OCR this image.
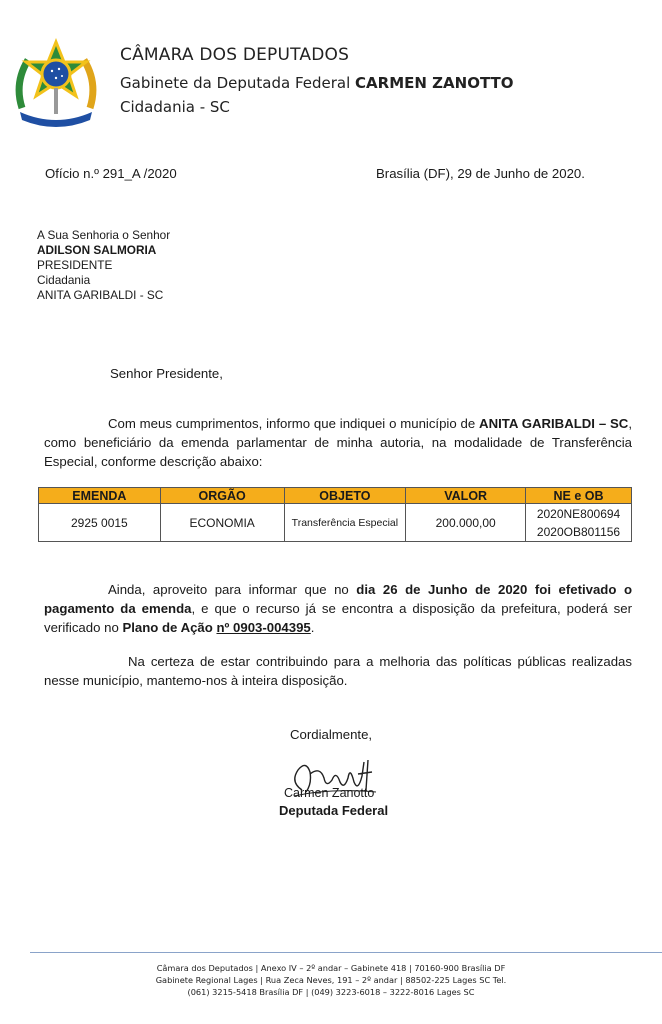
CÂMARA DOS DEPUTADOS
Gabinete da Deputada Federal CARMEN ZANOTTO
Cidadania - SC
Ofício n.º 291_A /2020	Brasília (DF), 29 de Junho de 2020.
A Sua Senhoria o Senhor
ADILSON SALMORIA
PRESIDENTE
Cidadania
ANITA GARIBALDI - SC
Senhor Presidente,
Com meus cumprimentos, informo que indiquei o município de ANITA GARIBALDI – SC, como beneficiário da emenda parlamentar de minha autoria, na modalidade de Transferência Especial, conforme descrição abaixo:
EMENDA	ORGÃO	OBJETO	VALOR	NE e OB
2925 0015	ECONOMIA	Transferência Especial	200.000,00	2020NE800694
2020OB801156
Ainda, aproveito para informar que no dia 26 de Junho de 2020 foi efetivado o pagamento da emenda, e que o recurso já se encontra a disposição da prefeitura, poderá ser verificado no Plano de Ação nº 0903-004395.
Na certeza de estar contribuindo para a melhoria das políticas públicas realizadas nesse município, mantemo-nos à inteira disposição.
Cordialmente,
Carmen Zanotto
Deputada Federal
Câmara dos Deputados | Anexo IV – 2º andar – Gabinete 418 | 70160-900 Brasília DF
Gabinete Regional Lages | Rua Zeca Neves, 191 – 2º andar | 88502-225 Lages SC Tel.
(061) 3215-5418 Brasília DF | (049) 3223-6018 – 3222-8016 Lages SC
